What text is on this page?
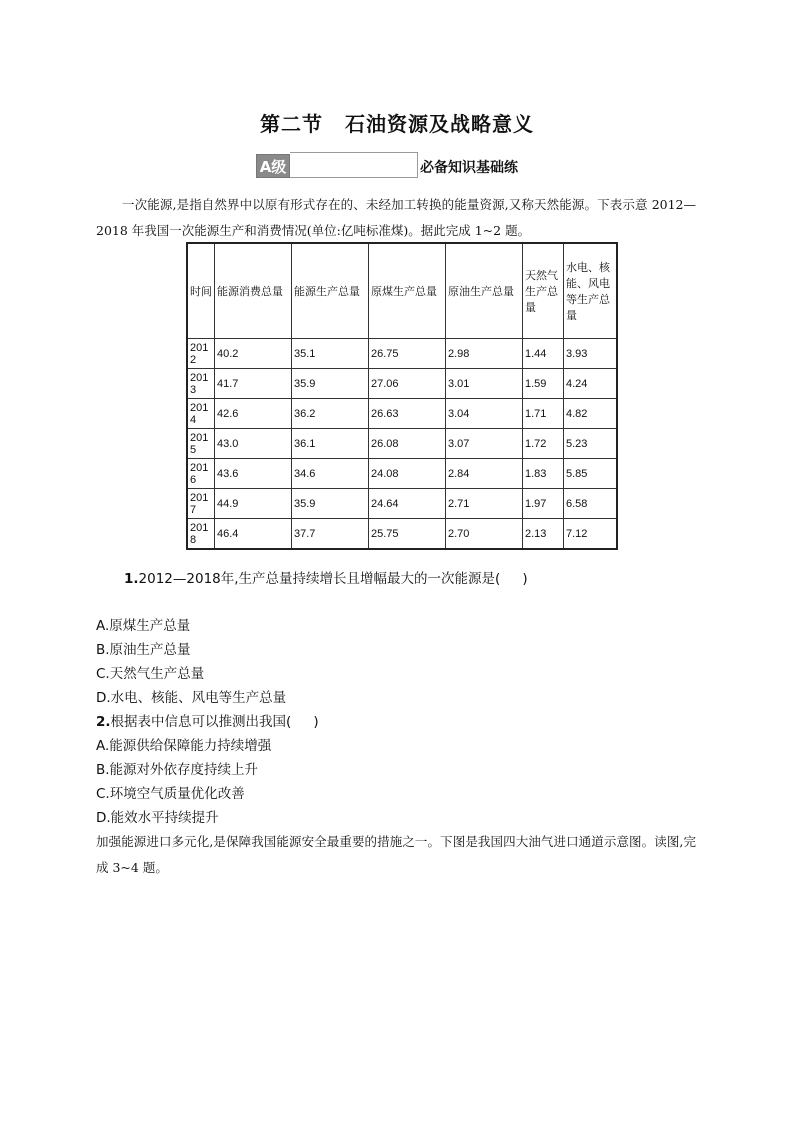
第二节 石油资源及战略意义
A级	必备知识基础练
一次能源,是指自然界中以原有形式存在的、未经加工转换的能量资源,又称天然能源。下表示意 2012—2018 年我国一次能源生产和消费情况(单位:亿吨标准煤)。据此完成 1~2 题。
时间	能源消费总量	能源生产总量	原煤生产总量	原油生产总量	天然气生产总量	水电、核能、风电等生产总量
2012	40.2	35.1	26.75	2.98	1.44	3.93
2013	41.7	35.9	27.06	3.01	1.59	4.24
2014	42.6	36.2	26.63	3.04	1.71	4.82
2015	43.0	36.1	26.08	3.07	1.72	5.23
2016	43.6	34.6	24.08	2.84	1.83	5.85
2017	44.9	35.9	24.64	2.71	1.97	6.58
2018	46.4	37.7	25.75	2.70	2.13	7.12
1.2012—2018年,生产总量持续增长且增幅最大的一次能源是( )
A.原煤生产总量
B.原油生产总量
C.天然气生产总量
D.水电、核能、风电等生产总量
2.根据表中信息可以推测出我国( )
A.能源供给保障能力持续增强
B.能源对外依存度持续上升
C.环境空气质量优化改善
D.能效水平持续提升
加强能源进口多元化,是保障我国能源安全最重要的措施之一。下图是我国四大油气进口通道示意图。读图,完成 3~4 题。
